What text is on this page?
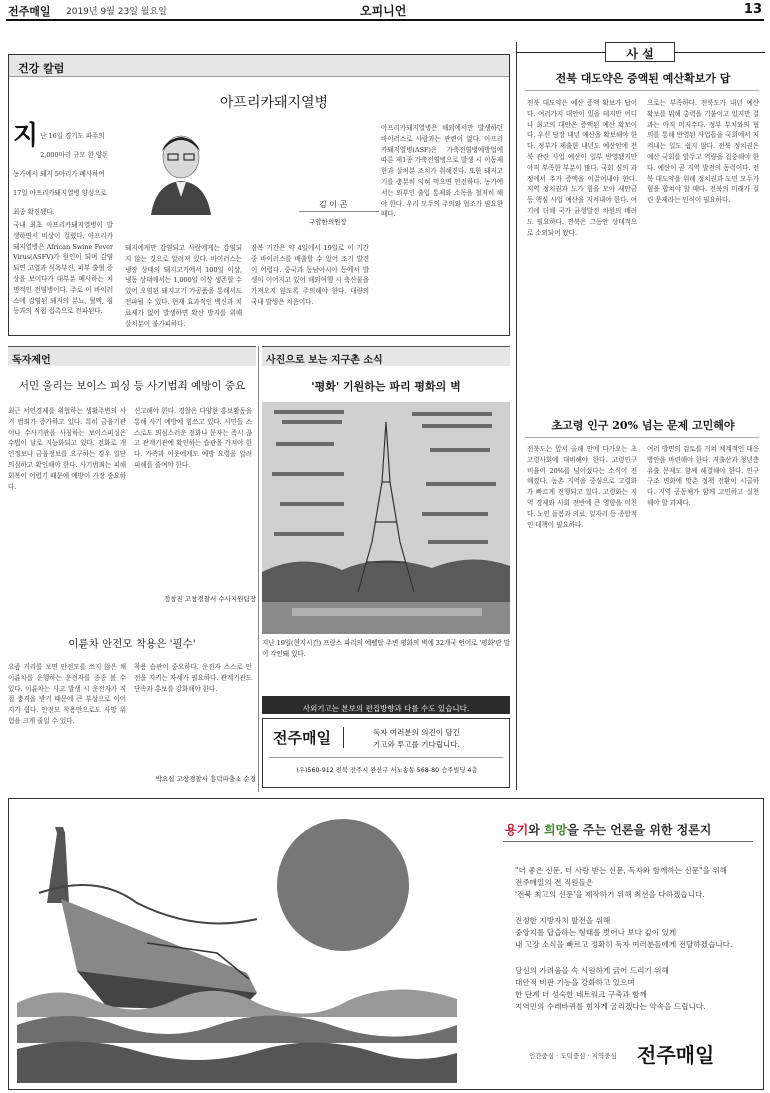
전주매일 2019년 9월 23일 월요일	오피니언	13
건강 칼럼
아프리카돼지열병
김 이 곤
구암한의원장
지 난 16일 경기도 파주의 2,000마리 규모 한 양돈농가에서 돼지 5마리가 폐사하여 17일 아프리카돼지열병 양성으로 최종 확진됐다.
국내 최초 아프리카돼지열병이 발생하면서 비상이 걸렸다. 아프리카돼지열병은 African Swine Fever Virus(ASFV)가 원인이 되며 감염되면 고열과 식욕부진, 피부 출혈 증상을 보이다가 대부분 폐사하는 치명적인 전염병이다. 주로 이 바이러스에 감염된 돼지의 분뇨, 혈액, 침 등과의 직접 접촉으로 전파된다.
돼지에게만 감염되고 사람에게는 감염되지 않는 것으로 알려져 있다. 바이러스는 냉장 상태의 돼지고기에서 100일 이상, 냉동 상태에서는 1,000일 이상 생존할 수 있어 오염된 돼지고기 가공품을 통해서도 전파될 수 있다. 현재 효과적인 백신과 치료제가 없어 발생하면 확산 방지를 위해 살처분이 불가피하다.
잠복 기간은 약 4일에서 19일로 이 기간 중 바이러스를 배출할 수 있어 조기 발견이 어렵다. 중국과 동남아시아 등에서 발생이 이어지고 있어 해외여행 시 축산물을 가져오지 않도록 주의해야 한다. 대량의 국내 발생은 처음이다.
아프리카돼지열병은 해외에서만 발생하던 바이러스로 사람과는 관련이 없다. 아프리카돼지열병(ASF)은 가축전염병예방법에 따른 제1종 가축전염병으로 발생 시 이동제한과 살처분 조치가 취해진다. 또한 돼지고기를 충분히 익혀 먹으면 안전하다. 농가에서는 외부인 출입 통제와 소독을 철저히 해야 한다. 우리 모두의 주의와 협조가 필요한 때다.
사 설
전북 대도약은 증액된 예산확보가 답
전북 대도약은 예산 증액 확보가 답이다. 여러가지 대안이 있을 테지만 어디나 최고의 대안은 증액된 예산 확보이다. 우선 당장 내년 예산을 확보해야 한다. 정부가 제출한 내년도 예산안에 전북 관련 사업 예산이 일부 반영됐지만 아직 부족한 부분이 많다. 국회 심의 과정에서 추가 증액을 이끌어내야 한다. 지역 정치권과 도가 힘을 모아 새만금 등 핵심 사업 예산을 지켜내야 한다. 여기에 더해 국가 균형발전 차원의 배려도 필요하다. 전북은 그동안 상대적으로 소외되어 왔다.
으로는 부족하다. 전북도가 내년 예산 확보를 위해 총력을 기울이고 있지만 결과는 아직 미지수다. 정부 부처와의 협의를 통해 반영된 사업들을 국회에서 지켜내는 일도 쉽지 않다. 전북 정치권은 예산 국회를 앞두고 역량을 집중해야 한다. 예산이 곧 지역 발전의 동력이다. 전북 대도약을 위해 정치권과 도민 모두가 힘을 합쳐야 할 때다. 전북의 미래가 걸린 문제라는 인식이 필요하다.
초고령 인구 20% 넘는 문제 고민해야
전북도는 앞서 올해 안에 다가오는 초고령사회에 대비해야 한다. 고령인구 비율이 20%를 넘어섰다는 소식이 전해졌다. 농촌 지역을 중심으로 고령화가 빠르게 진행되고 있다. 고령화는 지역 경제와 사회 전반에 큰 영향을 미친다. 노인 돌봄과 의료, 일자리 등 종합적인 대책이 필요하다.
여러 방면의 검토를 거쳐 체계적인 대응 방안을 마련해야 한다. 저출산과 청년층 유출 문제도 함께 해결해야 한다. 인구 구조 변화에 맞춘 정책 전환이 시급하다. 지역 공동체가 함께 고민하고 실천해야 할 과제다.
독자제언
서민 울리는 보이스 피싱 등 사기범죄 예방이 중요
최근 서민경제를 위협하는 생활주변의 사기 범죄가 증가하고 있다. 특히 금융기관이나 수사기관을 사칭하는 보이스피싱은 수법이 날로 지능화되고 있다. 전화로 개인정보나 금융정보를 요구하는 경우 일단 의심하고 확인해야 한다. 사기범죄는 피해 회복이 어렵기 때문에 예방이 가장 중요하다.
신고해야 한다. 경찰은 다양한 홍보활동을 통해 사기 예방에 힘쓰고 있다. 시민들 스스로도 의심스러운 전화나 문자는 즉시 끊고 관계기관에 확인하는 습관을 가져야 한다. 가족과 이웃에게도 예방 요령을 알려 피해를 줄여야 한다.
정창진 고창경찰서 수사지원팀장
이륜차 안전모 착용은 '필수'
요즘 거리를 보면 안전모를 쓰지 않은 채 이륜차를 운행하는 운전자를 종종 볼 수 있다. 이륜차는 사고 발생 시 운전자가 직접 충격을 받기 때문에 큰 부상으로 이어지기 쉽다. 안전모 착용만으로도 사망 위험을 크게 줄일 수 있다.
착용 습관이 중요하다. 운전자 스스로 안전을 지키는 자세가 필요하다. 관계기관도 단속과 홍보를 강화해야 한다.
박요섭 고창경찰서 흥덕파출소 순경
사진으로 보는 지구촌 소식
'평화' 기원하는 파리 평화의 벽
지난 19일(현지시간) 프랑스 파리의 에펠탑 주변 평화의 벽에 32개국 언어로 '평화'란 말이 각인돼 있다.
사외기고는 본보의 편집방향과 다를 수도 있습니다.
전주매일	독자 여러분의 의견이 담긴
기고와 투고를 기다립니다.
(우)560-912 전북 전주시 완산구 서노송동 568-80 승주빌딩 4층
용기와 희망을 주는 언론을 위한 정론지
"더 좋은 신문, 더 사랑 받는 신문, 독자와 함께하는 신문"을 위해
전주매일의 전 직원들은
'전북 최고의 신문'을 제작하기 위해 최선을 다하겠습니다.
진정한 지방자치 발전을 위해
중앙지를 답습하는 형태를 벗어나 보다 깊이 있게
내 고장 소식을 빠르고 정확히 독자 여러분들에게 전달하겠습니다.
당신의 가려움을 속 시원하게 긁어 드리기 위해
대안적 비판 기능을 강화하고 있으며
한 단계 더 성숙한 네트워크 구축과 함께
지역민의 수레바퀴를 힘차게 굴리겠다는 약속을 드립니다.
인간중심 · 도덕중심 · 지역중심 전주매일
